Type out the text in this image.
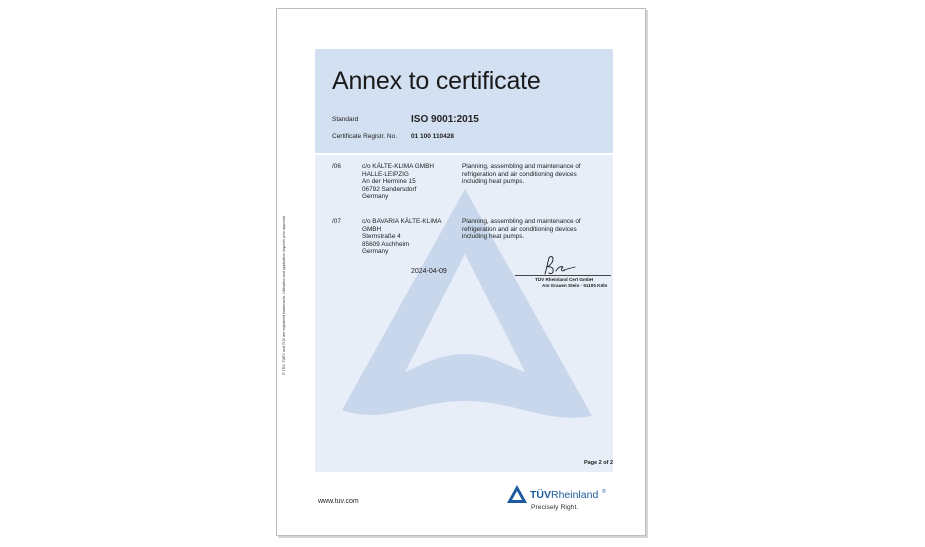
Annex to certificate
Standard	ISO 9001:2015
Certificate Registr. No. 01 100 110428
/06	c/o KÄLTE-KLIMA GMBH
HALLE-LEIPZIG
An der Hermine 15
06792 Sandersdorf
Germany
Planning, assembling and maintenance of
refrigeration and air conditioning devices
including heat pumps.
/07	c/o BAVARIA KÄLTE-KLIMA
GMBH
Sternstraße 4
85609 Aschheim
Germany
Planning, assembling and maintenance of
refrigeration and air conditioning devices
including heat pumps.
2024-04-09
TÜV Rheinland Cert GmbH
Am Grauen Stein · 51105 Köln
Page 2 of 2
® TÜV, TUEV and TUV are registered trademarks. Utilisation and application requires prior approval.
www.tuv.com
TÜVRheinland ®
Precisely Right.
